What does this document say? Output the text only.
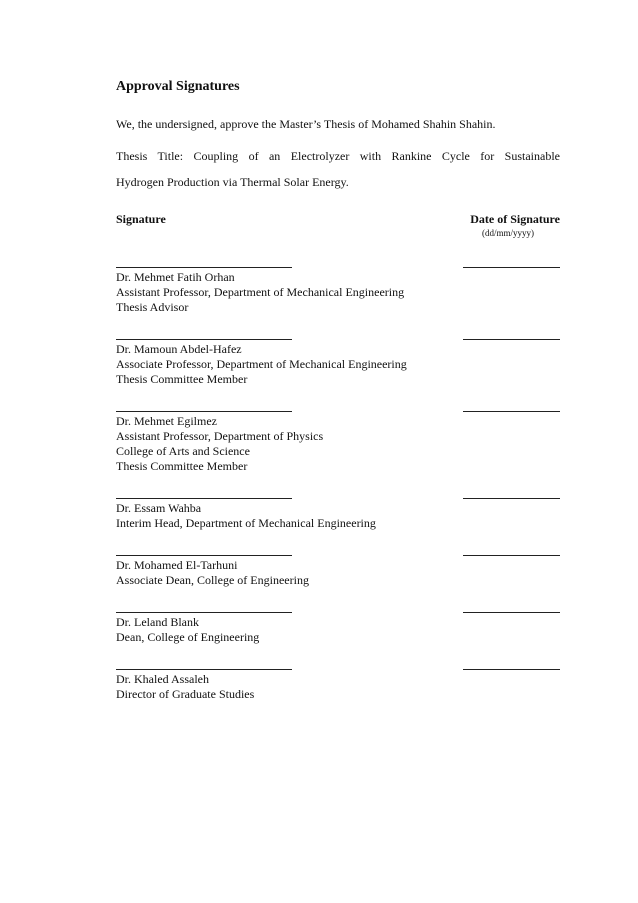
Approval Signatures
We, the undersigned, approve the Master’s Thesis of Mohamed Shahin Shahin.
Thesis Title: Coupling of an Electrolyzer with Rankine Cycle for Sustainable
Hydrogen Production via Thermal Solar Energy.
Signature	Date of Signature
(dd/mm/yyyy)
Dr. Mehmet Fatih Orhan
Assistant Professor, Department of Mechanical Engineering
Thesis Advisor
Dr. Mamoun Abdel-Hafez
Associate Professor, Department of Mechanical Engineering
Thesis Committee Member
Dr. Mehmet Egilmez
Assistant Professor, Department of Physics
College of Arts and Science
Thesis Committee Member
Dr. Essam Wahba
Interim Head, Department of Mechanical Engineering
Dr. Mohamed El-Tarhuni
Associate Dean, College of Engineering
Dr. Leland Blank
Dean, College of Engineering
Dr. Khaled Assaleh
Director of Graduate Studies
